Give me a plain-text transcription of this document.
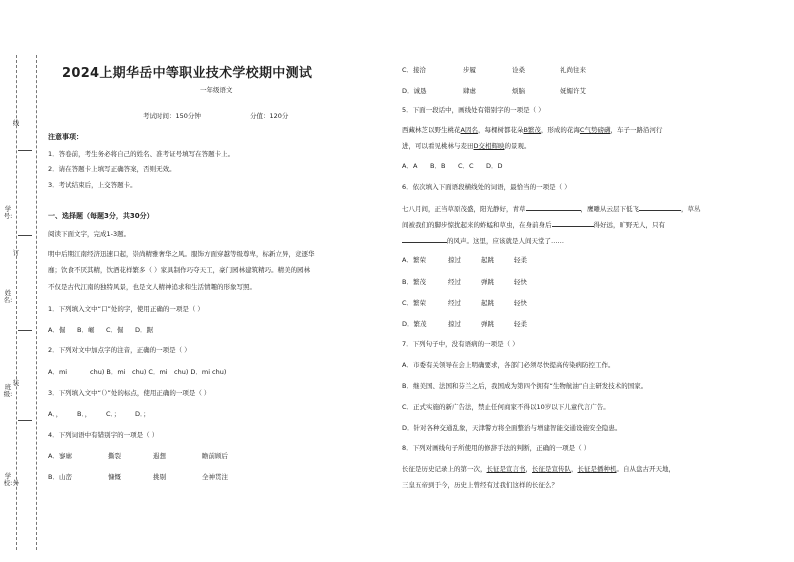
线
订
装
外
学号:
姓名:
班级:
学校:
2024上期华岳中等职业技术学校期中测试
一年级语文
考试时间：150分钟	分值：120分
注意事项：
1．答卷前，考生务必将自己的姓名、准考证号填写在答题卡上。
2．请在答题卡上填写正确答案，否则无效。
3．考试结束后，上交答题卡。
一、选择题（每题3分，共30分）
阅读下面文字，完成1-3题。
明中后期江南经济迅速口起，崇尚精雅奢华之风。服饰方面穿越等级尊卑，标新立异，竞逐华
靡；饮食不厌其精，饮酒花样繁多（ ）家具制作巧夺天工，豪门园林建筑精巧。精美的园林
不仅是古代江南的独特风景，也是文人精神追求和生活情趣的形象写照。
1．下列填入文中“口”处的字，使用正确的一项是（ ）
A．倔 B．崛 C．倔 D．踞
2．下列对文中加点字的注音，正确的一项是（ ）
A．mi	chu) B．mi chu) C．mi chu) D．mi chu)
3．下列填入文中“（）”处的标点，使用正确的一项是（ ）
A．， B．， C．； D．；
4．下列词语中有错别字的一项是（ ）
A．寥廓	撕裂	遐想	瞻前顾后
B．山峦	慷慨	挑剔	全神贯注
C．接洽	步履	诠桑	礼尚往来
D．诚恳	肆虐	烦脑	妩媚许艾
5．下面一段话中，画线处有错别字的一项是（ ）
西藏林芝以野生桃花A因名，每棵树都花朵B繁茂，形成的花海C气势磅礴，车子一路沿河行
进，可以看见桃林与麦田D交相辉映的景观。
A．A B．B C．C D．D
6．依次填入下面语段横线处的词语，最恰当的一项是（ ）
七八月间，正当草原茂盛，阳光静好，青草	，鹰雕从云层下低飞	，草丛
间被我们的脚步惊扰起来的蚱蜢和草虫，在身前身后	得好远，旷野无人，只有
的风声。这里，应该就是人间天堂了……
A．繁荣	掠过	起跳	轻柔
B．繁茂	经过	弹跳	轻快
C．繁荣	经过	起跳	轻快
D．繁茂	掠过	弹跳	轻柔
7．下列句子中，没有语病的一项是（ ）
A．市委有关领导在会上明确要求，各部门必须尽快提高传染病防控工作。
B．继美国、法国和芬兰之后，我国成为第四个拥有“生物航油”自主研发技术的国家。
C．正式实施的新广告法，禁止任何商家不得以10岁以下儿童代言广告。
D．针对各种交通乱象，天津警方将全面整治与增建智能交通设施安全隐患。
8．下列对画线句子所使用的修辞手法的判断，正确的一项是（ ）
长征是历史记录上的第一次，长征是宣言书，长征是宣传队，长征是播种机。自从盘古开天地，
三皇五帝到于今，历史上曾经有过我们这样的长征么？
